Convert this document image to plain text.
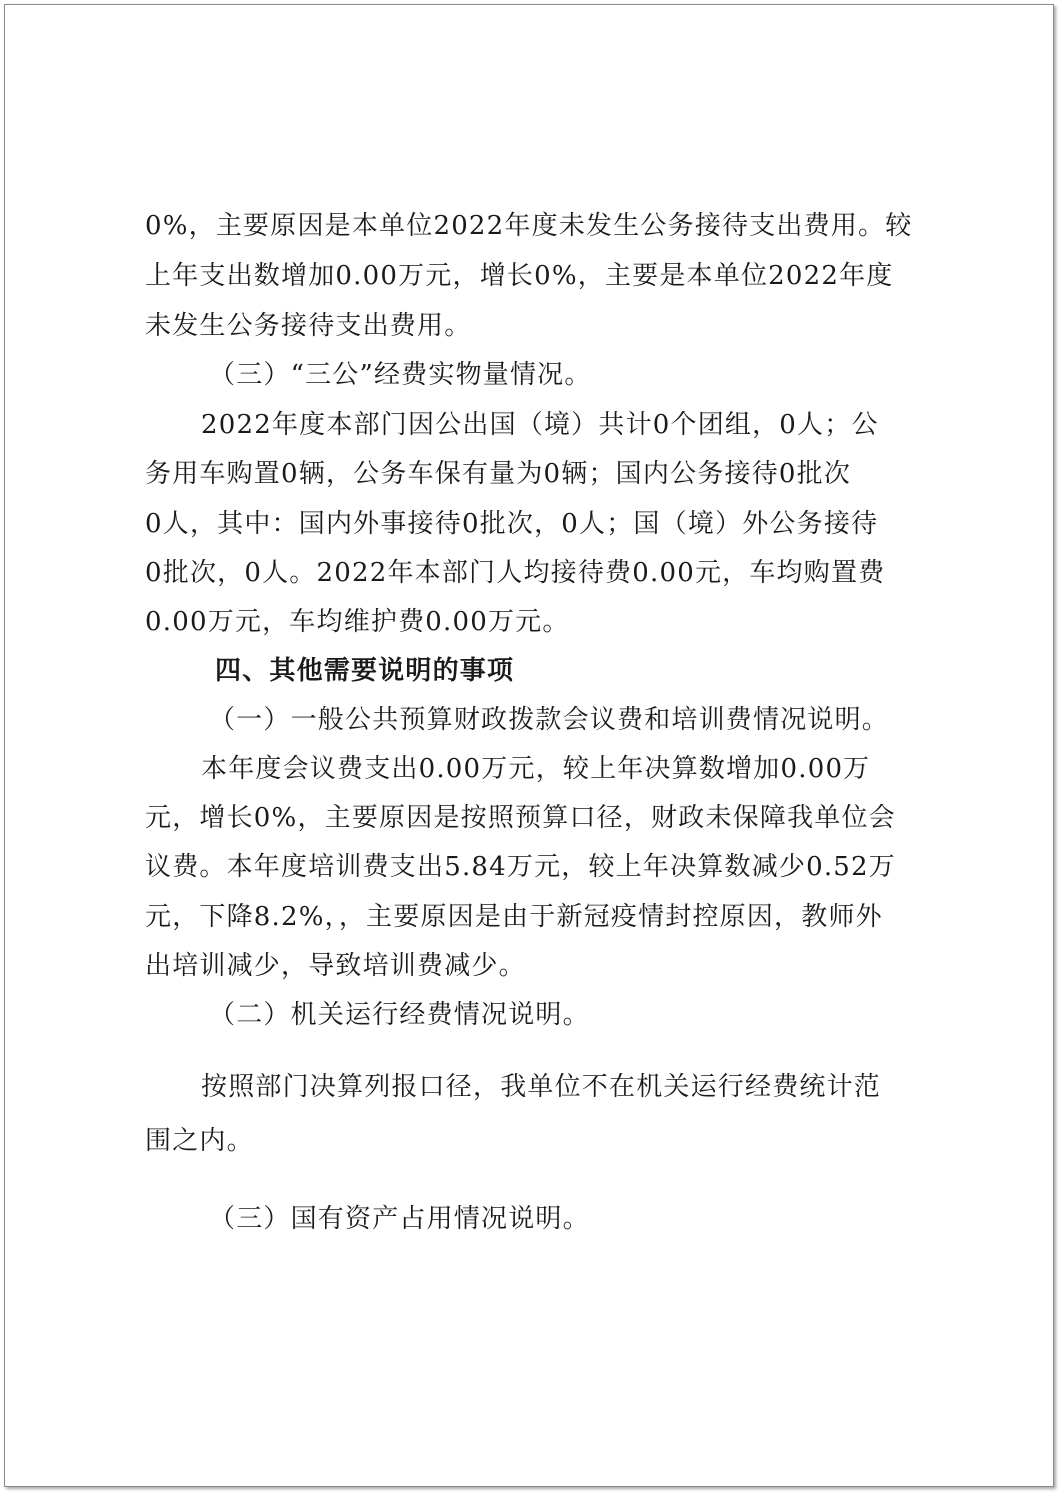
0%，主要原因是本单位2022年度未发生公务接待支出费用。较
上年支出数增加0.00万元，增长0%，主要是本单位2022年度
未发生公务接待支出费用。
（三）“三公”经费实物量情况。
2022年度本部门因公出国（境）共计0个团组，0人；公
务用车购置0辆，公务车保有量为0辆；国内公务接待0批次
0人，其中：国内外事接待0批次，0人；国（境）外公务接待
0批次，0人。2022年本部门人均接待费0.00元，车均购置费
0.00万元，车均维护费0.00万元。
四、其他需要说明的事项
（一）一般公共预算财政拨款会议费和培训费情况说明。
本年度会议费支出0.00万元，较上年决算数增加0.00万
元，增长0%，主要原因是按照预算口径，财政未保障我单位会
议费。本年度培训费支出5.84万元，较上年决算数减少0.52万
元，下降8.2%，，主要原因是由于新冠疫情封控原因，教师外
出培训减少，导致培训费减少。
（二）机关运行经费情况说明。
按照部门决算列报口径，我单位不在机关运行经费统计范
围之内。
（三）国有资产占用情况说明。
